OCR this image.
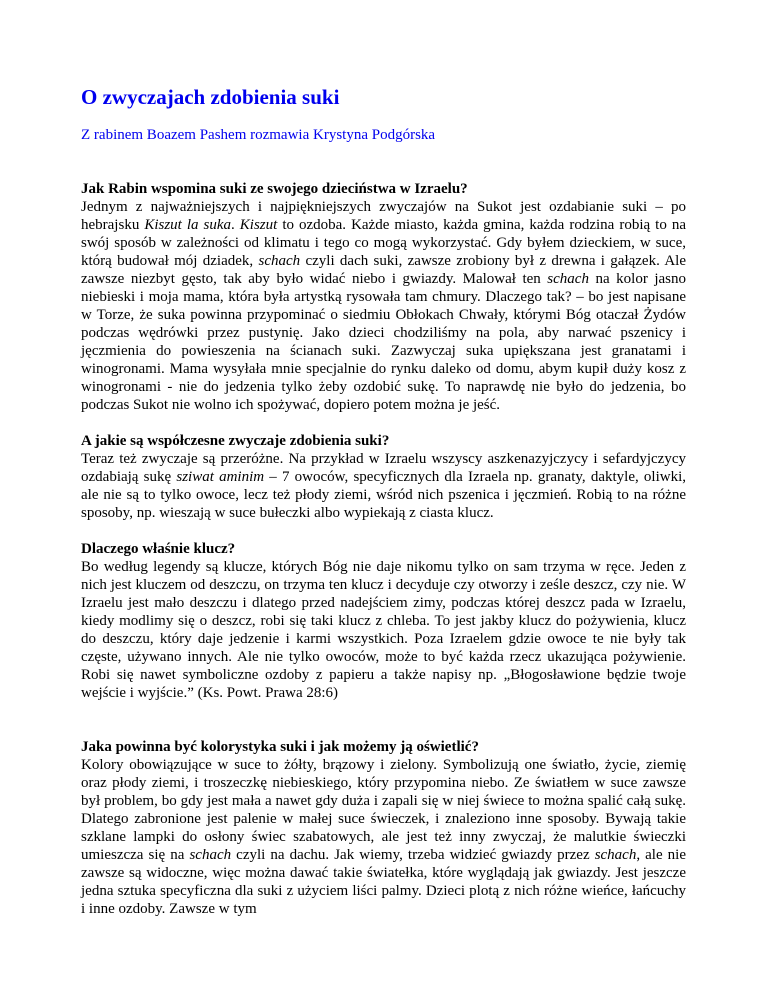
O zwyczajach zdobienia suki
Z rabinem Boazem Pashem rozmawia Krystyna Podgórska
Jak Rabin wspomina suki ze swojego dzieciństwa w Izraelu?
Jednym z najważniejszych i najpiękniejszych zwyczajów na Sukot jest ozdabianie suki – po hebrajsku Kiszut la suka. Kiszut to ozdoba. Każde miasto, każda gmina, każda rodzina robią to na swój sposób w zależności od klimatu i tego co mogą wykorzystać. Gdy byłem dzieckiem, w suce, którą budował mój dziadek, schach czyli dach suki, zawsze zrobiony był z drewna i gałązek. Ale zawsze niezbyt gęsto, tak aby było widać niebo i gwiazdy. Malował ten schach na kolor jasno niebieski i moja mama, która była artystką rysowała tam chmury. Dlaczego tak? – bo jest napisane w Torze, że suka powinna przypominać o siedmiu Obłokach Chwały, którymi Bóg otaczał Żydów podczas wędrówki przez pustynię. Jako dzieci chodziliśmy na pola, aby narwać pszenicy i jęczmienia do powieszenia na ścianach suki. Zazwyczaj suka upiększana jest granatami i winogronami. Mama wysyłała mnie specjalnie do rynku daleko od domu, abym kupił duży kosz z winogronami - nie do jedzenia tylko żeby ozdobić sukę. To naprawdę nie było do jedzenia, bo podczas Sukot nie wolno ich spożywać, dopiero potem można je jeść.
A jakie są współczesne zwyczaje zdobienia suki?
Teraz też zwyczaje są przeróżne. Na przykład w Izraelu wszyscy aszkenazyjczycy i sefardyjczycy ozdabiają sukę sziwat aminim – 7 owoców, specyficznych dla Izraela np. granaty, daktyle, oliwki, ale nie są to tylko owoce, lecz też płody ziemi, wśród nich pszenica i jęczmień. Robią to na różne sposoby, np. wieszają w suce bułeczki albo wypiekają z ciasta klucz.
Dlaczego właśnie klucz?
Bo według legendy są klucze, których Bóg nie daje nikomu tylko on sam trzyma w ręce. Jeden z nich jest kluczem od deszczu, on trzyma ten klucz i decyduje czy otworzy i ześle deszcz, czy nie. W Izraelu jest mało deszczu i dlatego przed nadejściem zimy, podczas której deszcz pada w Izraelu, kiedy modlimy się o deszcz, robi się taki klucz z chleba. To jest jakby klucz do pożywienia, klucz do deszczu, który daje jedzenie i karmi wszystkich. Poza Izraelem gdzie owoce te nie były tak częste, używano innych. Ale nie tylko owoców, może to być każda rzecz ukazująca pożywienie. Robi się nawet symboliczne ozdoby z papieru a także napisy np. „Błogosławione będzie twoje wejście i wyjście.” (Ks. Powt. Prawa 28:6)
Jaka powinna być kolorystyka suki i jak możemy ją oświetlić?
Kolory obowiązujące w suce to żółty, brązowy i zielony. Symbolizują one światło, życie, ziemię oraz płody ziemi, i troszeczkę niebieskiego, który przypomina niebo. Ze światłem w suce zawsze był problem, bo gdy jest mała a nawet gdy duża i zapali się w niej świece to można spalić całą sukę. Dlatego zabronione jest palenie w małej suce świeczek, i znaleziono inne sposoby. Bywają takie szklane lampki do osłony świec szabatowych, ale jest też inny zwyczaj, że malutkie świeczki umieszcza się na schach czyli na dachu. Jak wiemy, trzeba widzieć gwiazdy przez schach, ale nie zawsze są widoczne, więc można dawać takie światełka, które wyglądają jak gwiazdy. Jest jeszcze jedna sztuka specyficzna dla suki z użyciem liści palmy. Dzieci plotą z nich różne wieńce, łańcuchy i inne ozdoby. Zawsze w tym
